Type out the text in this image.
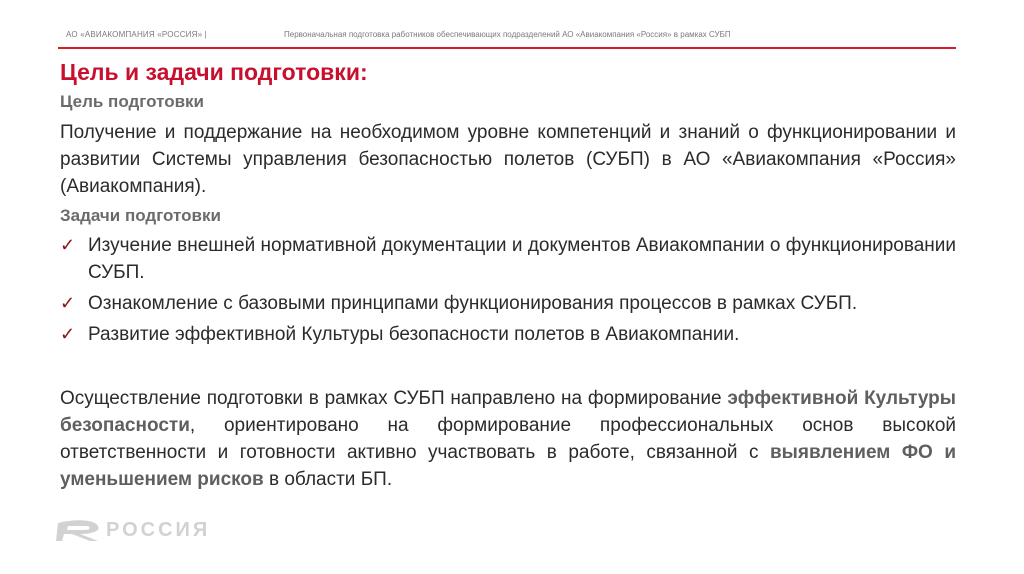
АО «АВИАКОМПАНИЯ «РОССИЯ» |	Первоначальная подготовка работников обеспечивающих подразделений АО «Авиакомпания «Россия» в рамках СУБП
Цель и задачи подготовки:
Цель подготовки

Получение и поддержание на необходимом уровне компетенций и знаний о функционировании и развитии Системы управления безопасностью полетов (СУБП) в АО «Авиакомпания «Россия» (Авиакомпания).

Задачи подготовки
✓ Изучение внешней нормативной документации и документов Авиакомпании о функционировании СУБП.
✓ Ознакомление с базовыми принципами функционирования процессов в рамках СУБП.
✓ Развитие эффективной Культуры безопасности полетов в Авиакомпании.

Осуществление подготовки в рамках СУБП направлено на формирование эффективной Культуры безопасности, ориентировано на формирование профессиональных основ высокой ответственности и готовности активно участвовать в работе, связанной с выявлением ФО и уменьшением рисков в области БП.

РОССИЯ
